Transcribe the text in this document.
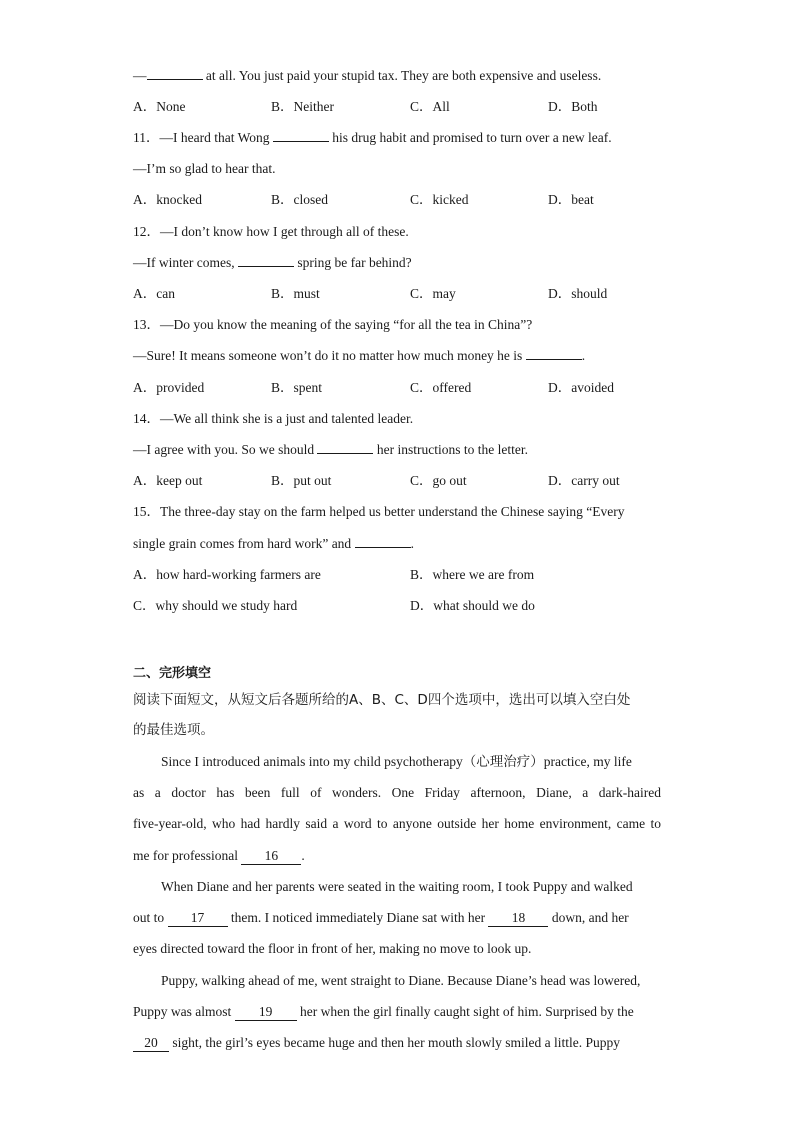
—	at all. You just paid your stupid tax. They are both expensive and useless.
A．None	B．Neither	C．All	D．Both
11．—I heard that Wong	his drug habit and promised to turn over a new leaf.
—I’m so glad to hear that.
A．knocked	B．closed	C．kicked	D．beat
12．—I don’t know how I get through all of these.
—If winter comes,	spring be far behind?
A．can	B．must	C．may	D．should
13．—Do you know the meaning of the saying “for all the tea in China”?
—Sure! It means someone won’t do it no matter how much money he is	.
A．provided	B．spent	C．offered	D．avoided
14．—We all think she is a just and talented leader.
—I agree with you. So we should	her instructions to the letter.
A．keep out	B．put out	C．go out	D．carry out
15．The three-day stay on the farm helped us better understand the Chinese saying “Every
single grain comes from hard work” and	.
A．how hard-working farmers are	B．where we are from
C．why should we study hard	D．what should we do
二、完形填空
阅读下面短文，从短文后各题所给的A、B、C、D四个选项中，选出可以填入空白处
的最佳选项。
Since I introduced animals into my child psychotherapy（心理治疗）practice, my life
as a doctor has been full of wonders. One Friday afternoon, Diane, a dark-haired
five-year-old, who had hardly said a word to anyone outside her home environment, came to
me for professional 16 .
When Diane and her parents were seated in the waiting room, I took Puppy and walked
out to 17 them. I noticed immediately Diane sat with her 18 down, and her
eyes directed toward the floor in front of her, making no move to look up.
Puppy, walking ahead of me, went straight to Diane. Because Diane’s head was lowered,
Puppy was almost 19 her when the girl finally caught sight of him. Surprised by the
20 sight, the girl’s eyes became huge and then her mouth slowly smiled a little. Puppy
